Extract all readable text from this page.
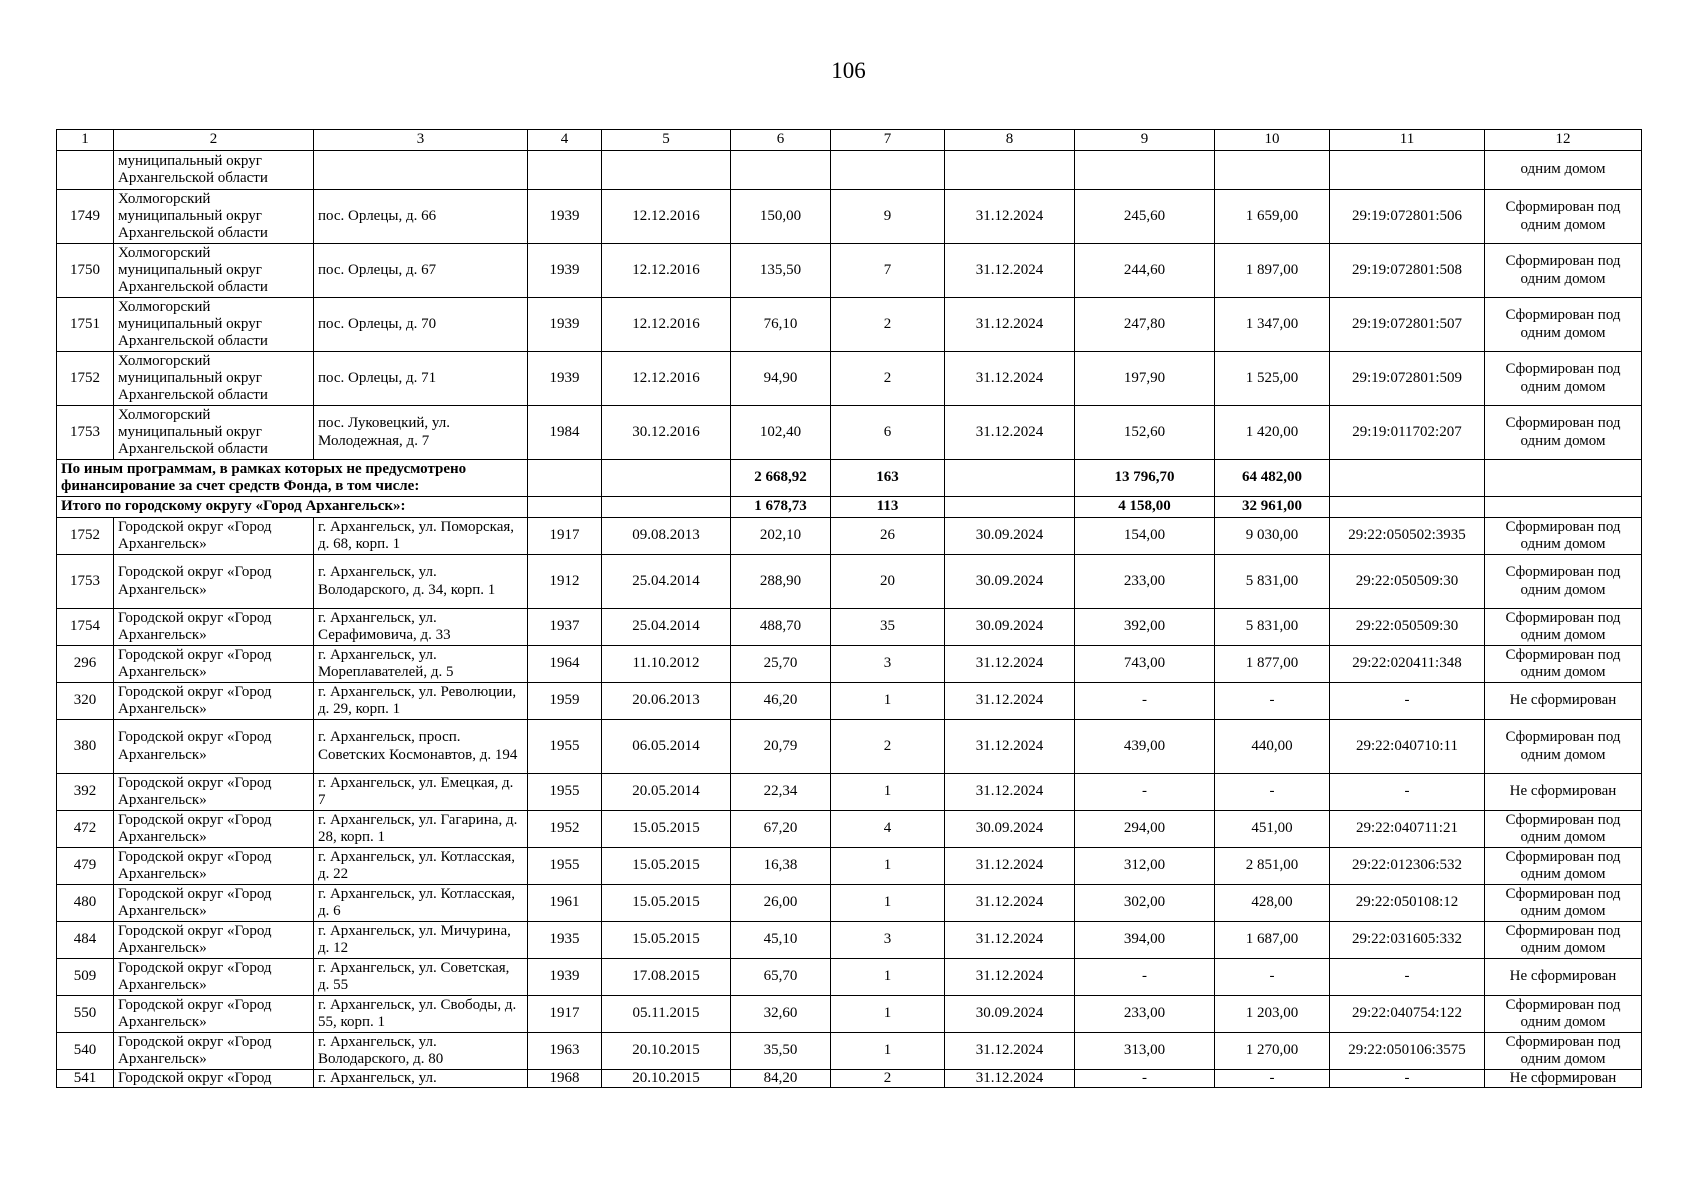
106
1	2	3	4	5	6	7	8	9	10	11	12
	муниципальный округ Архангельской области										одним домом
1749	Холмогорский муниципальный округ Архангельской области	пос. Орлецы, д. 66	1939	12.12.2016	150,00	9	31.12.2024	245,60	1 659,00	29:19:072801:506	Сформирован под одним домом
1750	Холмогорский муниципальный округ Архангельской области	пос. Орлецы, д. 67	1939	12.12.2016	135,50	7	31.12.2024	244,60	1 897,00	29:19:072801:508	Сформирован под одним домом
1751	Холмогорский муниципальный округ Архангельской области	пос. Орлецы, д. 70	1939	12.12.2016	76,10	2	31.12.2024	247,80	1 347,00	29:19:072801:507	Сформирован под одним домом
1752	Холмогорский муниципальный округ Архангельской области	пос. Орлецы, д. 71	1939	12.12.2016	94,90	2	31.12.2024	197,90	1 525,00	29:19:072801:509	Сформирован под одним домом
1753	Холмогорский муниципальный округ Архангельской области	пос. Луковецкий, ул. Молодежная, д. 7	1984	30.12.2016	102,40	6	31.12.2024	152,60	1 420,00	29:19:011702:207	Сформирован под одним домом
По иным программам, в рамках которых не предусмотрено финансирование за счет средств Фонда, в том числе:					2 668,92	163		13 796,70	64 482,00		
Итого по городскому округу «Город Архангельск»:					1 678,73	113		4 158,00	32 961,00		
1752	Городской округ «Город Архангельск»	г. Архангельск, ул. Поморская, д. 68, корп. 1	1917	09.08.2013	202,10	26	30.09.2024	154,00	9 030,00	29:22:050502:3935	Сформирован под одним домом
1753	Городской округ «Город Архангельск»	г. Архангельск, ул. Володарского, д. 34, корп. 1	1912	25.04.2014	288,90	20	30.09.2024	233,00	5 831,00	29:22:050509:30	Сформирован под одним домом
1754	Городской округ «Город Архангельск»	г. Архангельск, ул. Серафимовича, д. 33	1937	25.04.2014	488,70	35	30.09.2024	392,00	5 831,00	29:22:050509:30	Сформирован под одним домом
296	Городской округ «Город Архангельск»	г. Архангельск, ул. Мореплавателей, д. 5	1964	11.10.2012	25,70	3	31.12.2024	743,00	1 877,00	29:22:020411:348	Сформирован под одним домом
320	Городской округ «Город Архангельск»	г. Архангельск, ул. Революции, д. 29, корп. 1	1959	20.06.2013	46,20	1	31.12.2024	-	-	-	Не сформирован
380	Городской округ «Город Архангельск»	г. Архангельск, просп. Советских Космонавтов, д. 194	1955	06.05.2014	20,79	2	31.12.2024	439,00	440,00	29:22:040710:11	Сформирован под одним домом
392	Городской округ «Город Архангельск»	г. Архангельск, ул. Емецкая, д. 7	1955	20.05.2014	22,34	1	31.12.2024	-	-	-	Не сформирован
472	Городской округ «Город Архангельск»	г. Архангельск, ул. Гагарина, д. 28, корп. 1	1952	15.05.2015	67,20	4	30.09.2024	294,00	451,00	29:22:040711:21	Сформирован под одним домом
479	Городской округ «Город Архангельск»	г. Архангельск, ул. Котласская, д. 22	1955	15.05.2015	16,38	1	31.12.2024	312,00	2 851,00	29:22:012306:532	Сформирован под одним домом
480	Городской округ «Город Архангельск»	г. Архангельск, ул. Котласская, д. 6	1961	15.05.2015	26,00	1	31.12.2024	302,00	428,00	29:22:050108:12	Сформирован под одним домом
484	Городской округ «Город Архангельск»	г. Архангельск, ул. Мичурина, д. 12	1935	15.05.2015	45,10	3	31.12.2024	394,00	1 687,00	29:22:031605:332	Сформирован под одним домом
509	Городской округ «Город Архангельск»	г. Архангельск, ул. Советская, д. 55	1939	17.08.2015	65,70	1	31.12.2024	-	-	-	Не сформирован
550	Городской округ «Город Архангельск»	г. Архангельск, ул. Свободы, д. 55, корп. 1	1917	05.11.2015	32,60	1	30.09.2024	233,00	1 203,00	29:22:040754:122	Сформирован под одним домом
540	Городской округ «Город Архангельск»	г. Архангельск, ул. Володарского, д. 80	1963	20.10.2015	35,50	1	31.12.2024	313,00	1 270,00	29:22:050106:3575	Сформирован под одним домом
541	Городской округ «Город	г. Архангельск, ул.	1968	20.10.2015	84,20	2	31.12.2024	-	-	-	Не сформирован
